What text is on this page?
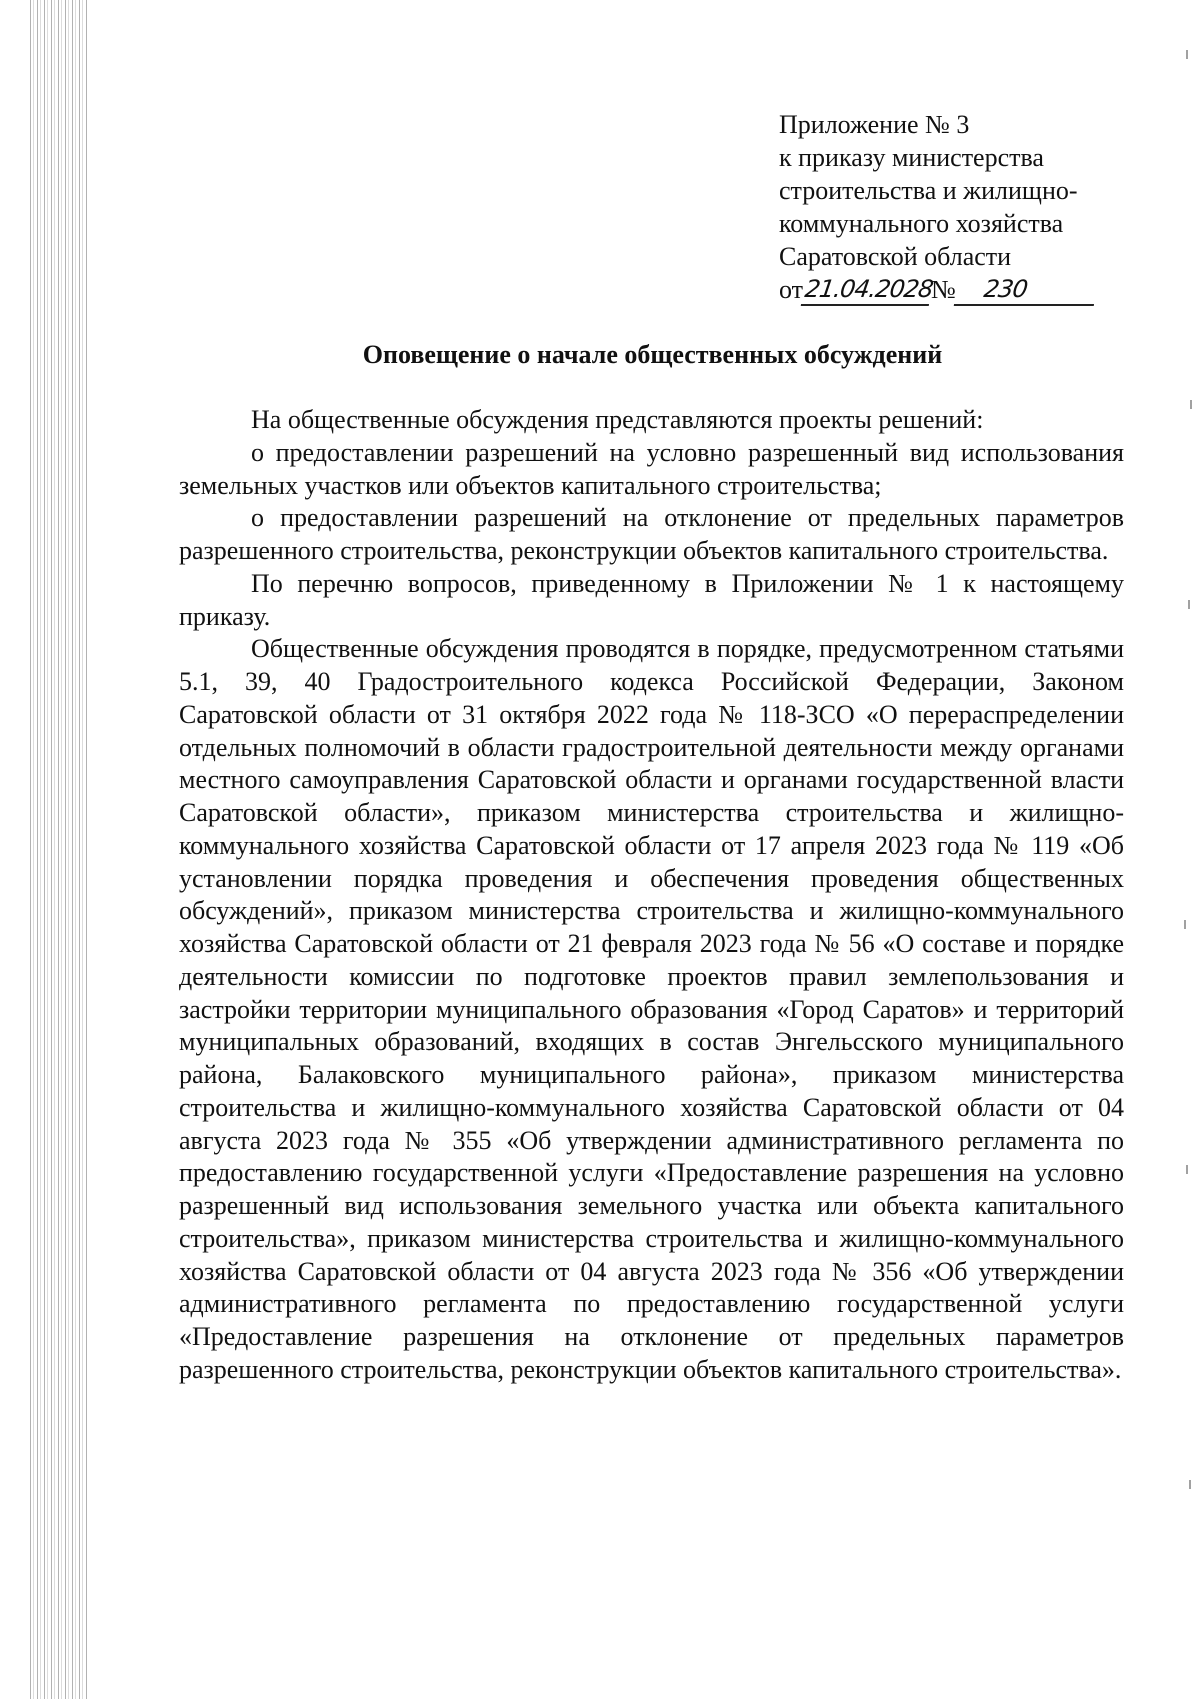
Приложение № 3
к приказу министерства
строительства и жилищно-
коммунального хозяйства
Саратовской области
от 21.04.2028
№	230
Оповещение о начале общественных обсуждений

На общественные обсуждения представляются проекты решений:

о предоставлении разрешений на условно разрешенный вид использования земельных участков или объектов капитального строительства;

о предоставлении разрешений на отклонение от предельных параметров разрешенного строительства, реконструкции объектов капитального строительства.

По перечню вопросов, приведенному в Приложении № 1 к настоящему приказу.

Общественные обсуждения проводятся в порядке, предусмотренном статьями 5.1, 39, 40 Градостроительного кодекса Российской Федерации, Законом Саратовской области от 31 октября 2022 года № 118-ЗСО «О перераспределении отдельных полномочий в области градостроительной деятельности между органами местного самоуправления Саратовской области и органами государственной власти Саратовской области», приказом министерства строительства и жилищно-коммунального хозяйства Саратовской области от 17 апреля 2023 года № 119 «Об установлении порядка проведения и обеспечения проведения общественных обсуждений», приказом министерства строительства и жилищно-коммунального хозяйства Саратовской области от 21 февраля 2023 года № 56 «О составе и порядке деятельности комиссии по подготовке проектов правил землепользования и застройки территории муниципального образования «Город Саратов» и территорий муниципальных образований, входящих в состав Энгельсского муниципального района, Балаковского муниципального района», приказом министерства строительства и жилищно-коммунального хозяйства Саратовской области от 04 августа 2023 года № 355 «Об утверждении административного регламента по предоставлению государственной услуги «Предоставление разрешения на условно разрешенный вид использования земельного участка или объекта капитального строительства», приказом министерства строительства и жилищно-коммунального хозяйства Саратовской области от 04 августа 2023 года № 356 «Об утверждении административного регламента по предоставлению государственной услуги «Предоставление разрешения на отклонение от предельных параметров разрешенного строительства, реконструкции объектов капитального строительства».
